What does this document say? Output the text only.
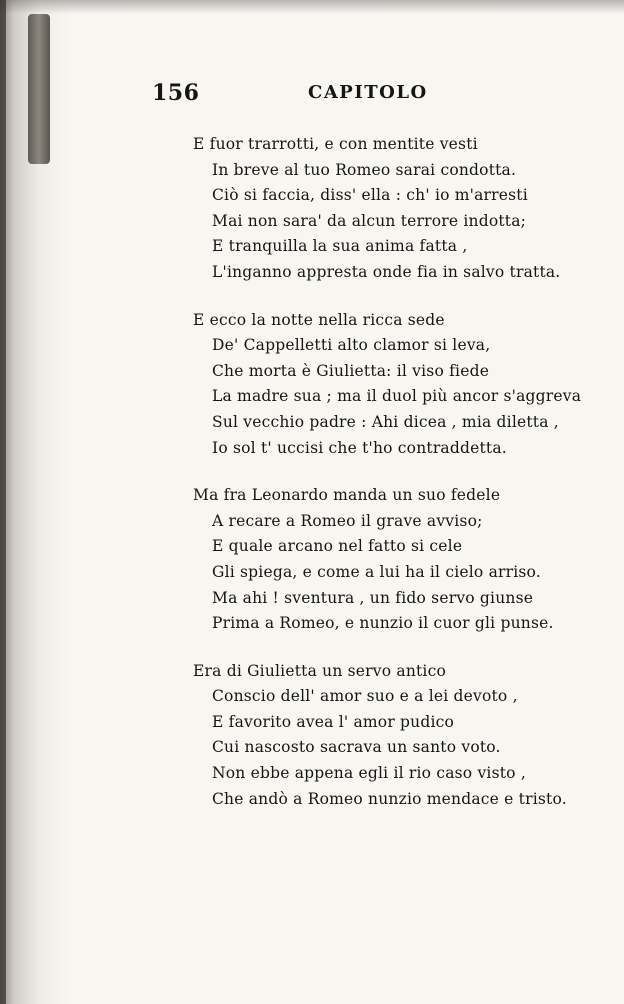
156	CAPITOLO
E fuor trarrotti, e con mentite vesti
In breve al tuo Romeo sarai condotta.
Ciò si faccia, diss' ella : ch' io m'arresti
Mai non sara' da alcun terrore indotta;
E tranquilla la sua anima fatta ,
L'inganno appresta onde fia in salvo tratta.
E ecco la notte nella ricca sede
De' Cappelletti alto clamor si leva,
Che morta è Giulietta: il viso fiede
La madre sua ; ma il duol più ancor s'aggreva
Sul vecchio padre : Ahi dicea , mia diletta ,
Io sol t' uccisi che t'ho contraddetta.
Ma fra Leonardo manda un suo fedele
A recare a Romeo il grave avviso;
E quale arcano nel fatto si cele
Gli spiega, e come a lui ha il cielo arriso.
Ma ahi ! sventura , un fido servo giunse
Prima a Romeo, e nunzio il cuor gli punse.
Era di Giulietta un servo antico
Conscio dell' amor suo e a lei devoto ,
E favorito avea l' amor pudico
Cui nascosto sacrava un santo voto.
Non ebbe appena egli il rio caso visto ,
Che andò a Romeo nunzio mendace e tristo.
